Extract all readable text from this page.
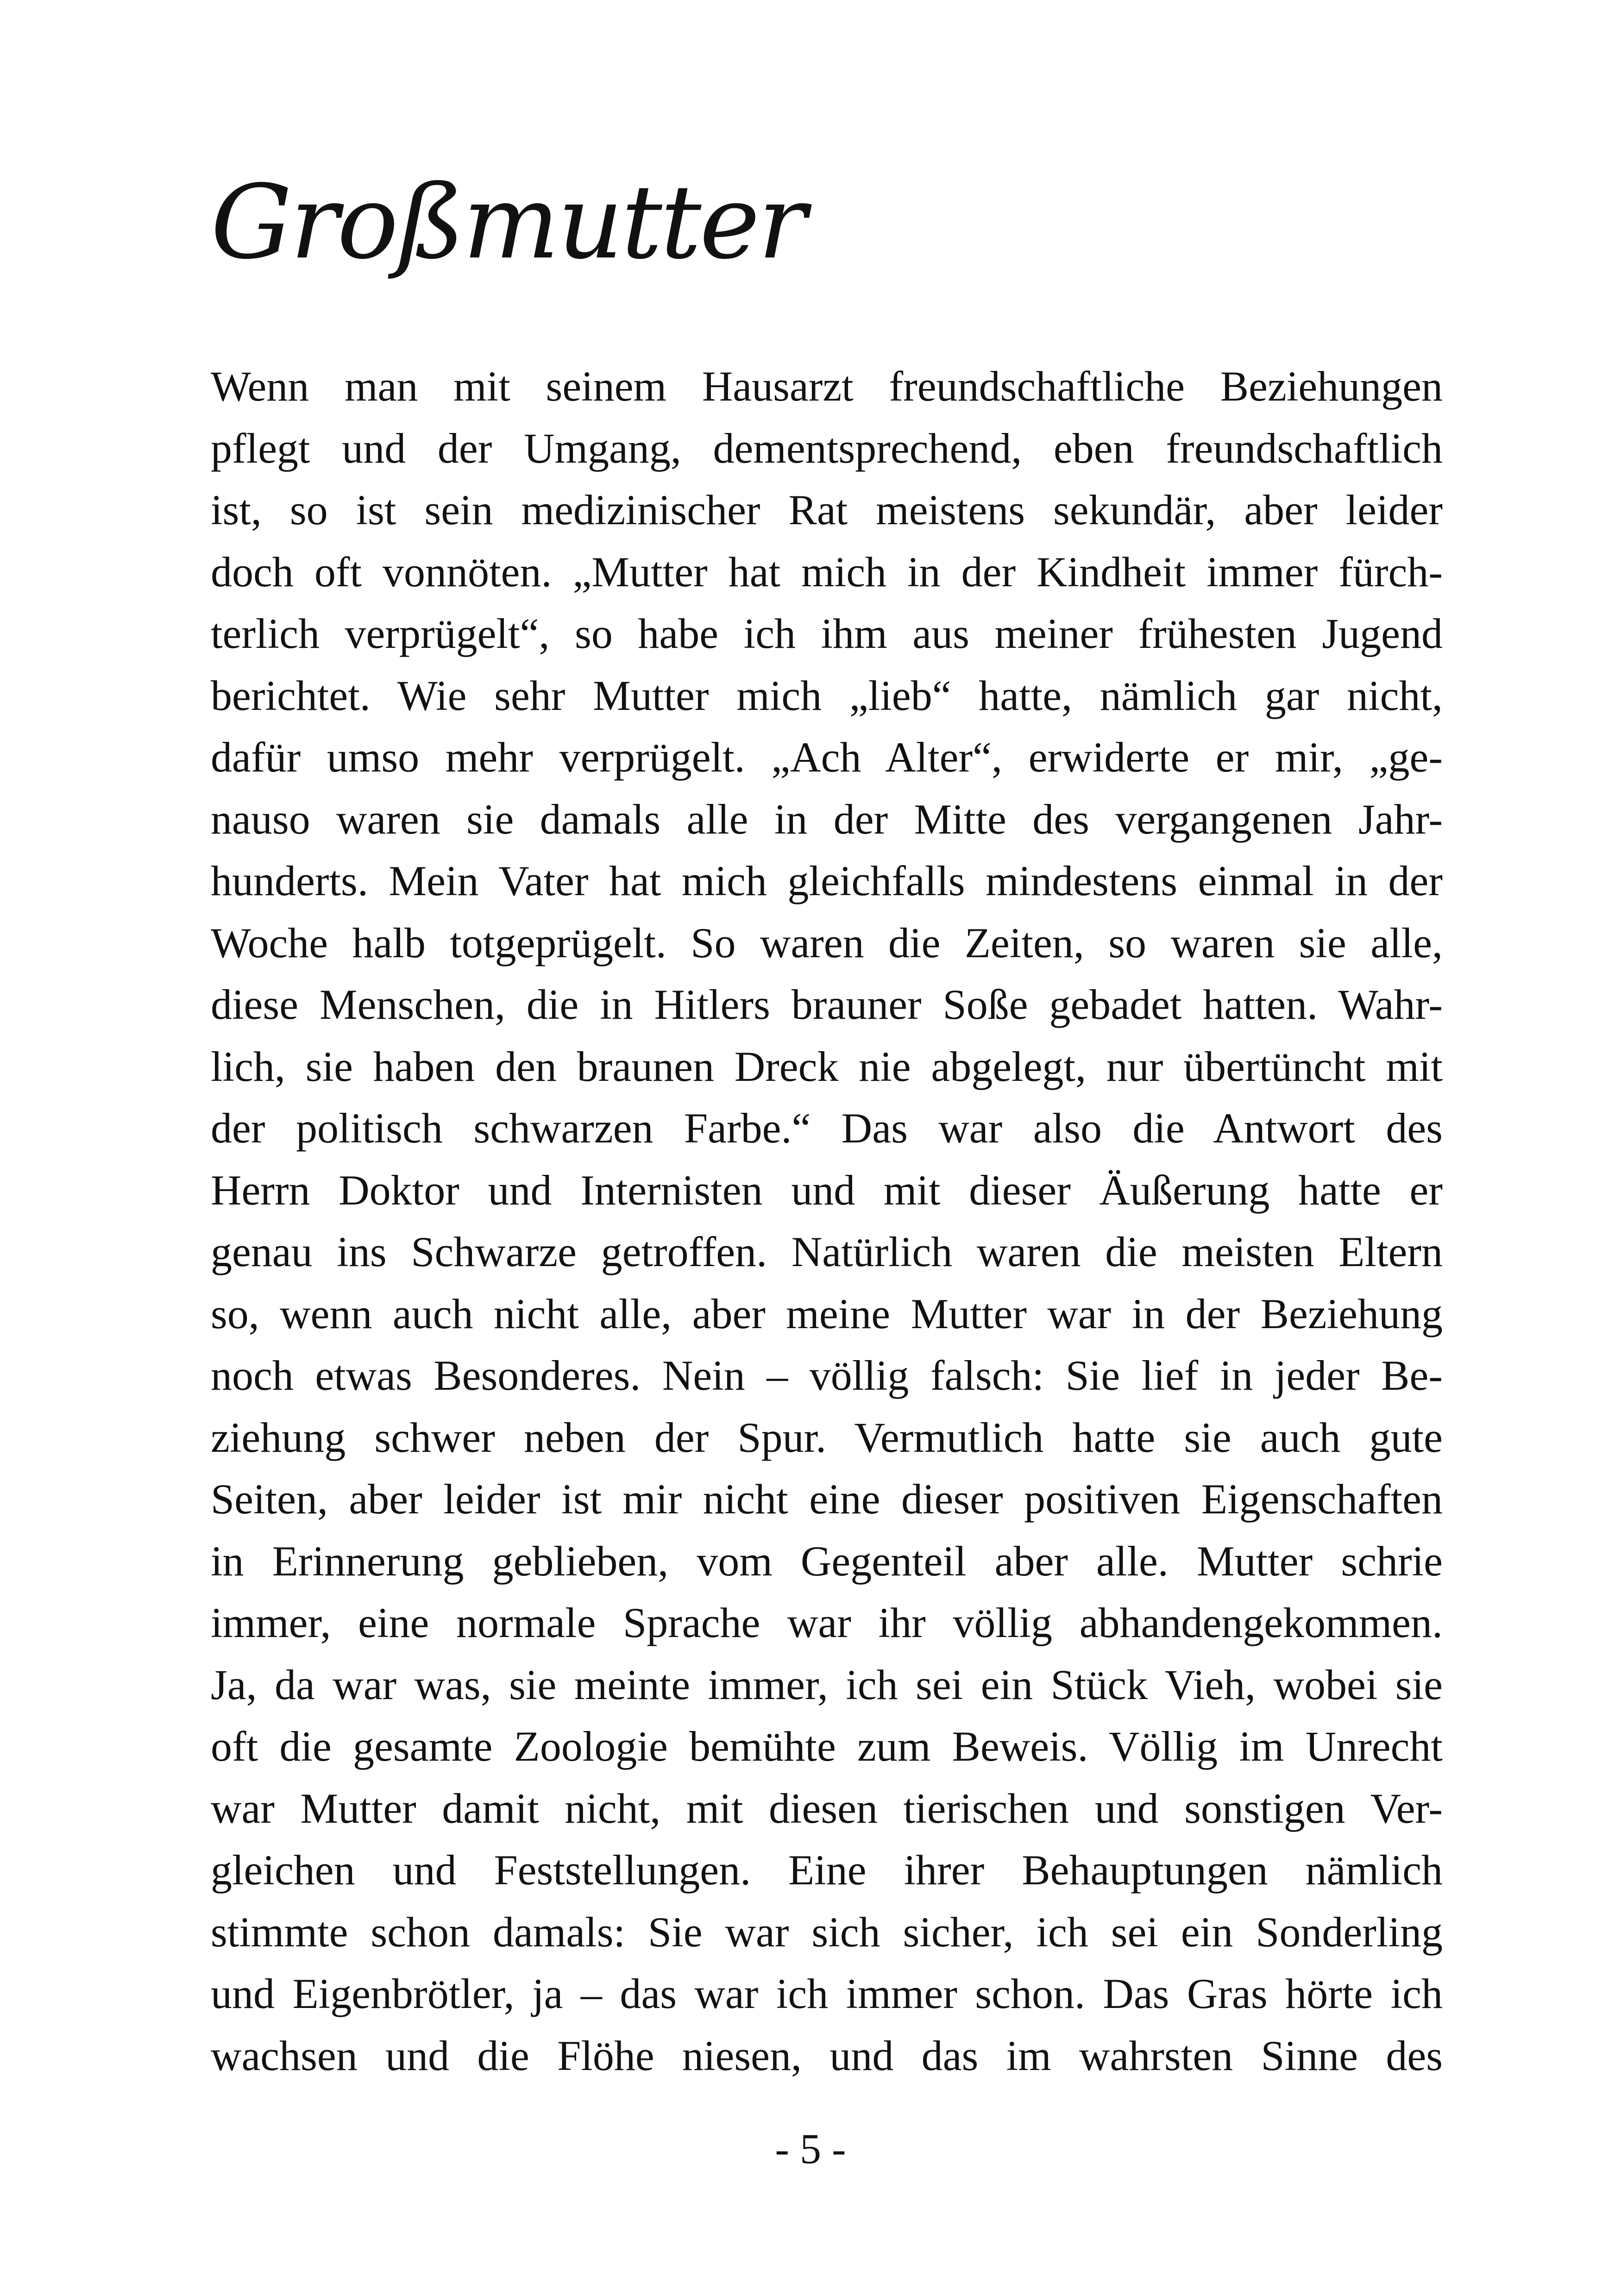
Großmutter
Wenn man mit seinem Hausarzt freundschaftliche Beziehungen
pflegt und der Umgang, dementsprechend, eben freundschaftlich
ist, so ist sein medizinischer Rat meistens sekundär, aber leider
doch oft vonnöten. „Mutter hat mich in der Kindheit immer fürch-
terlich verprügelt“, so habe ich ihm aus meiner frühesten Jugend
berichtet. Wie sehr Mutter mich „lieb“ hatte, nämlich gar nicht,
dafür umso mehr verprügelt. „Ach Alter“, erwiderte er mir, „ge-
nauso waren sie damals alle in der Mitte des vergangenen Jahr-
hunderts. Mein Vater hat mich gleichfalls mindestens einmal in der
Woche halb totgeprügelt. So waren die Zeiten, so waren sie alle,
diese Menschen, die in Hitlers brauner Soße gebadet hatten. Wahr-
lich, sie haben den braunen Dreck nie abgelegt, nur übertüncht mit
der politisch schwarzen Farbe.“ Das war also die Antwort des
Herrn Doktor und Internisten und mit dieser Äußerung hatte er
genau ins Schwarze getroffen. Natürlich waren die meisten Eltern
so, wenn auch nicht alle, aber meine Mutter war in der Beziehung
noch etwas Besonderes. Nein – völlig falsch: Sie lief in jeder Be-
ziehung schwer neben der Spur. Vermutlich hatte sie auch gute
Seiten, aber leider ist mir nicht eine dieser positiven Eigenschaften
in Erinnerung geblieben, vom Gegenteil aber alle. Mutter schrie
immer, eine normale Sprache war ihr völlig abhandengekommen.
Ja, da war was, sie meinte immer, ich sei ein Stück Vieh, wobei sie
oft die gesamte Zoologie bemühte zum Beweis. Völlig im Unrecht
war Mutter damit nicht, mit diesen tierischen und sonstigen Ver-
gleichen und Feststellungen. Eine ihrer Behauptungen nämlich
stimmte schon damals: Sie war sich sicher, ich sei ein Sonderling
und Eigenbrötler, ja – das war ich immer schon. Das Gras hörte ich
wachsen und die Flöhe niesen, und das im wahrsten Sinne des
- 5 -
